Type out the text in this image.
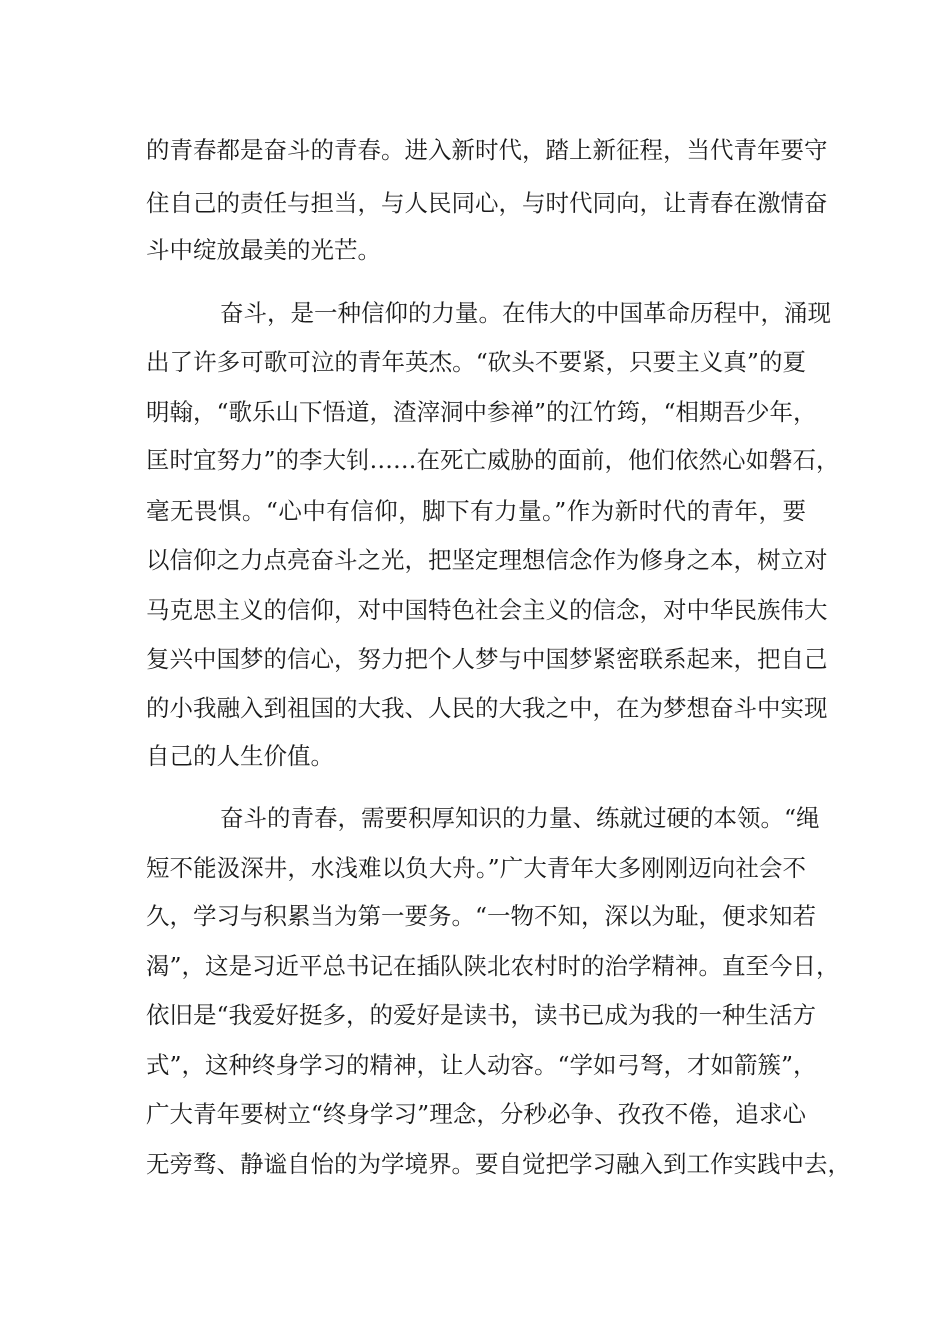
的青春都是奋斗的青春。进入新时代，踏上新征程，当代青年要守
住自己的责任与担当，与人民同心，与时代同向，让青春在激情奋
斗中绽放最美的光芒。
奋斗，是一种信仰的力量。在伟大的中国革命历程中，涌现
出了许多可歌可泣的青年英杰。“砍头不要紧，只要主义真”的夏
明翰，“歌乐山下悟道，渣滓洞中参禅”的江竹筠，“相期吾少年，
匡时宜努力”的李大钊……在死亡威胁的面前，他们依然心如磐石，
毫无畏惧。“心中有信仰，脚下有力量。”作为新时代的青年，要
以信仰之力点亮奋斗之光，把坚定理想信念作为修身之本，树立对
马克思主义的信仰，对中国特色社会主义的信念，对中华民族伟大
复兴中国梦的信心，努力把个人梦与中国梦紧密联系起来，把自己
的小我融入到祖国的大我、人民的大我之中，在为梦想奋斗中实现
自己的人生价值。
奋斗的青春，需要积厚知识的力量、练就过硬的本领。“绳
短不能汲深井，水浅难以负大舟。”广大青年大多刚刚迈向社会不
久，学习与积累当为第一要务。“一物不知，深以为耻，便求知若
渴”，这是习近平总书记在插队陕北农村时的治学精神。直至今日，
依旧是“我爱好挺多，的爱好是读书，读书已成为我的一种生活方
式”，这种终身学习的精神，让人动容。“学如弓弩，才如箭簇”，
广大青年要树立“终身学习”理念，分秒必争、孜孜不倦，追求心
无旁骛、静谧自怡的为学境界。要自觉把学习融入到工作实践中去，
